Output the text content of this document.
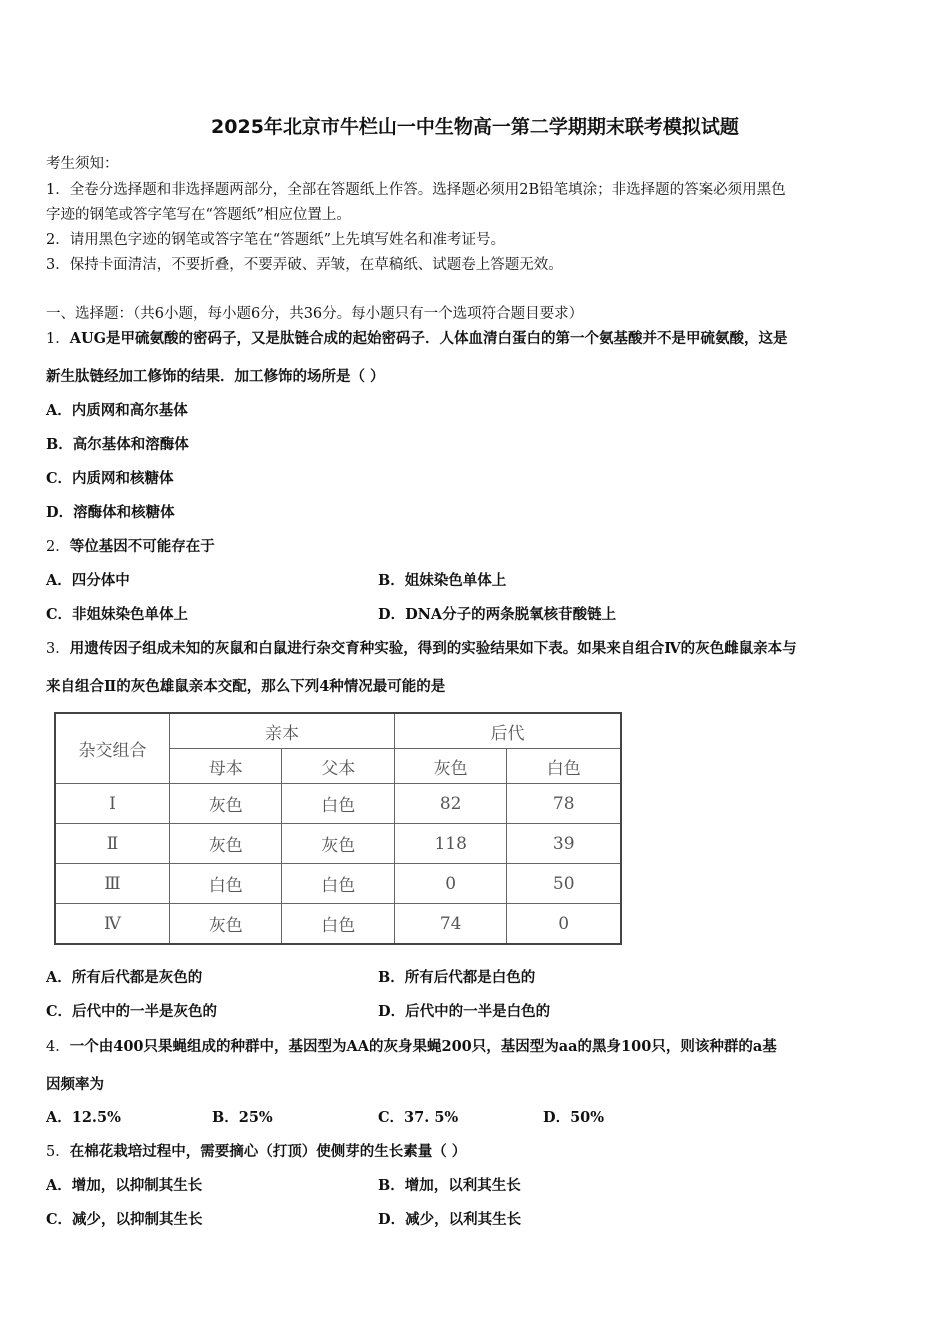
2025年北京市牛栏山一中生物高一第二学期期末联考模拟试题
考生须知：
1．全卷分选择题和非选择题两部分，全部在答题纸上作答。选择题必须用2B铅笔填涂；非选择题的答案必须用黑色
字迹的钢笔或答字笔写在“答题纸”相应位置上。
2．请用黑色字迹的钢笔或答字笔在“答题纸”上先填写姓名和准考证号。
3．保持卡面清洁，不要折叠，不要弄破、弄皱，在草稿纸、试题卷上答题无效。
一、选择题：（共6小题，每小题6分，共36分。每小题只有一个选项符合题目要求）
1．AUG是甲硫氨酸的密码子，又是肽链合成的起始密码子．人体血清白蛋白的第一个氨基酸并不是甲硫氨酸，这是
新生肽链经加工修饰的结果．加工修饰的场所是（ ）
A．内质网和高尔基体
B．高尔基体和溶酶体
C．内质网和核糖体
D．溶酶体和核糖体
2．等位基因不可能存在于
A．四分体中	B．姐妹染色单体上
C．非姐妹染色单体上	D．DNA分子的两条脱氧核苷酸链上
3．用遗传因子组成未知的灰鼠和白鼠进行杂交育种实验，得到的实验结果如下表。如果来自组合Ⅳ的灰色雌鼠亲本与
来自组合Ⅱ的灰色雄鼠亲本交配，那么下列4种情况最可能的是
杂交组合	亲本		后代	
	母本	父本	灰色	白色
Ⅰ	灰色	白色	82	78
Ⅱ	灰色	灰色	118	39
Ⅲ	白色	白色	0	50
Ⅳ	灰色	白色	74	0
A．所有后代都是灰色的	B．所有后代都是白色的
C．后代中的一半是灰色的	D．后代中的一半是白色的
4．一个由400只果蝇组成的种群中，基因型为AA的灰身果蝇200只，基因型为aa的黑身100只，则该种群的a基
因频率为
A．12.5%	B．25%	C．37. 5%	D．50%
5．在棉花栽培过程中，需要摘心（打顶）使侧芽的生长素量（ ）
A．增加，以抑制其生长	B．增加，以利其生长
C．减少，以抑制其生长	D．减少，以利其生长
